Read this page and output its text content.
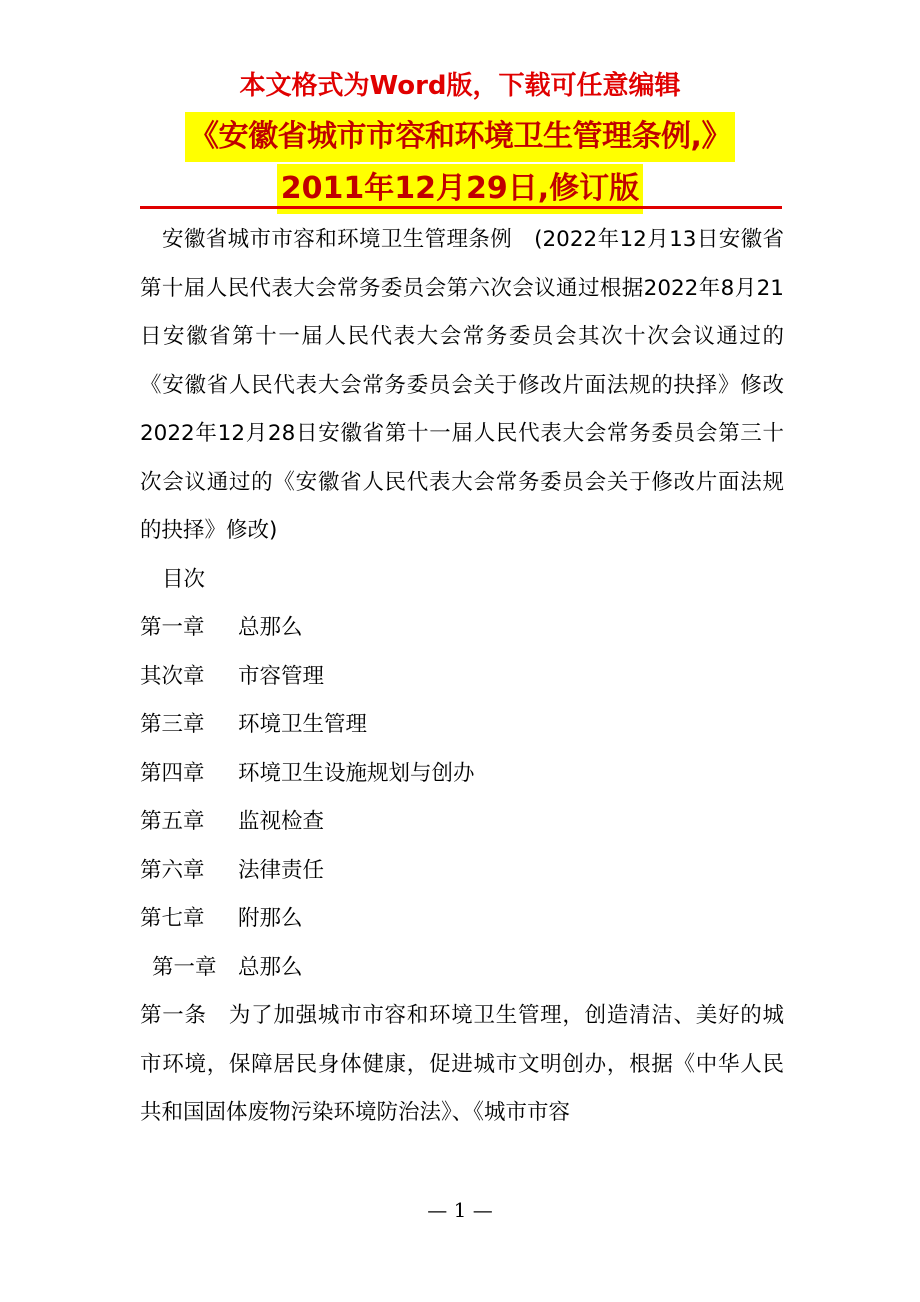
本文格式为Word版，下载可任意编辑
《安徽省城市市容和环境卫生管理条例,》
2011年12月29日,修订版

安徽省城市市容和环境卫生管理条例　(2022年12月13日安徽省第十届人民代表大会常务委员会第六次会议通过根据2022年8月21日安徽省第十一届人民代表大会常务委员会其次十次会议通过的《安徽省人民代表大会常务委员会关于修改片面法规的抉择》修改 2022年12月28日安徽省第十一届人民代表大会常务委员会第三十次会议通过的《安徽省人民代表大会常务委员会关于修改片面法规的抉择》修改)

目次

第一章	总那么
其次章	市容管理
第三章	环境卫生管理
第四章	环境卫生设施规划与创办
第五章	监视检查
第六章	法律责任
第七章	附那么

第一章　总那么

第一条　为了加强城市市容和环境卫生管理，创造清洁、美好的城市环境，保障居民身体健康，促进城市文明创办，根据《中华人民共和国固体废物污染环境防治法》、《城市市容

— 1 —
